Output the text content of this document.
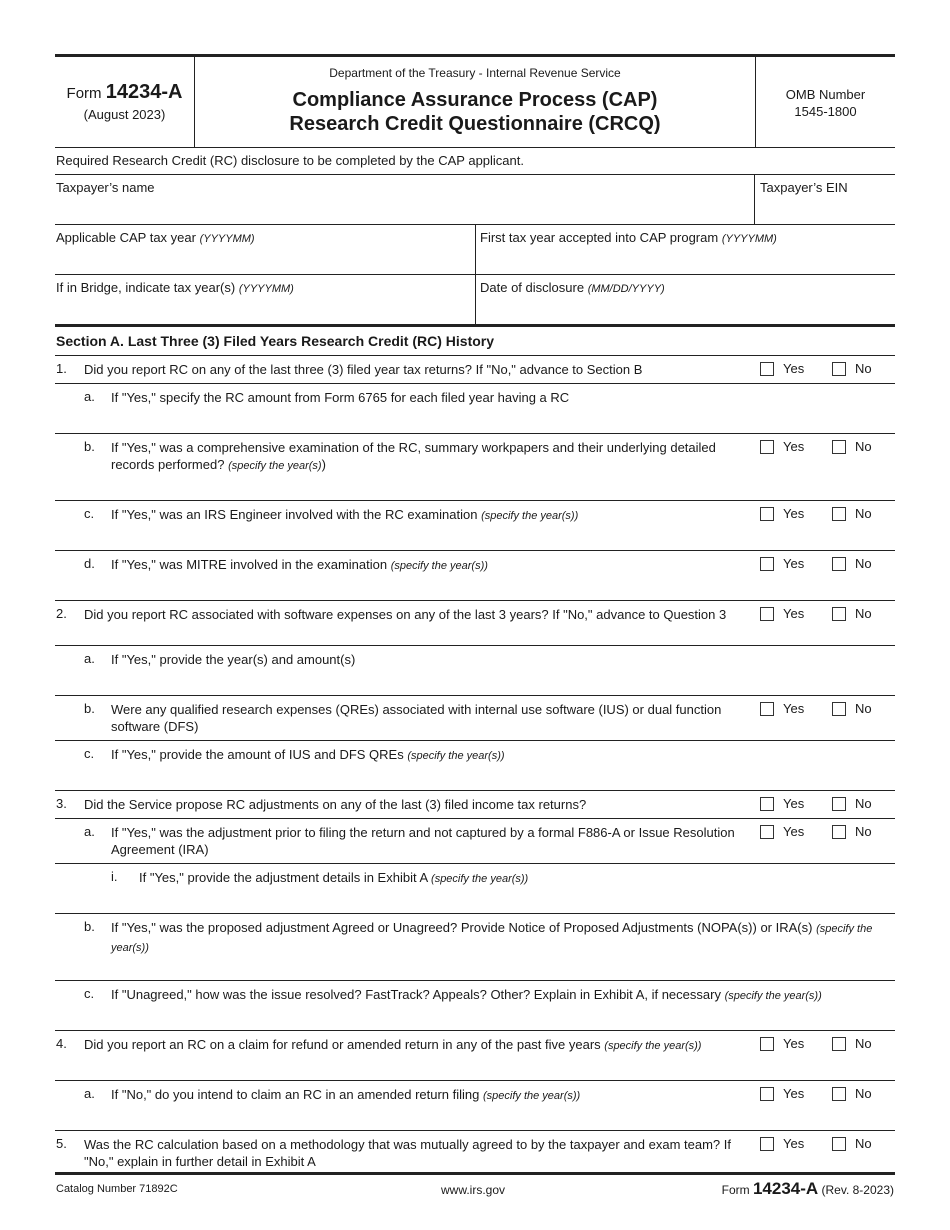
Form 14234-A
(August 2023)
Department of the Treasury - Internal Revenue Service
Compliance Assurance Process (CAP)
Research Credit Questionnaire (CRCQ)
OMB Number
1545-1800
Required Research Credit (RC) disclosure to be completed by the CAP applicant.
Taxpayer’s name	Taxpayer’s EIN
Applicable CAP tax year (YYYYMM)	First tax year accepted into CAP program (YYYYMM)
If in Bridge, indicate tax year(s) (YYYYMM)	Date of disclosure (MM/DD/YYYY)
Section A. Last Three (3) Filed Years Research Credit (RC) History
1. Did you report RC on any of the last three (3) filed year tax returns? If "No," advance to Section B	Yes	No
a. If "Yes," specify the RC amount from Form 6765 for each filed year having a RC
b. If "Yes," was a comprehensive examination of the RC, summary workpapers and their underlying detailed records performed? (specify the year(s))
Yes	No
c. If "Yes," was an IRS Engineer involved with the RC examination (specify the year(s))	Yes	No
d. If "Yes," was MITRE involved in the examination (specify the year(s))	Yes	No
2. Did you report RC associated with software expenses on any of the last 3 years? If "No," advance to Question 3	Yes	No
a. If "Yes," provide the year(s) and amount(s)
b. Were any qualified research expenses (QREs) associated with internal use software (IUS) or dual function software (DFS)
Yes	No
c. If "Yes," provide the amount of IUS and DFS QREs (specify the year(s))
3. Did the Service propose RC adjustments on any of the last (3) filed income tax returns?	Yes	No
a. If "Yes," was the adjustment prior to filing the return and not captured by a formal F886-A or Issue Resolution Agreement (IRA)
Yes	No
i. If "Yes," provide the adjustment details in Exhibit A (specify the year(s))
b. If "Yes," was the proposed adjustment Agreed or Unagreed? Provide Notice of Proposed Adjustments (NOPA(s)) or IRA(s) (specify the year(s))
c. If "Unagreed," how was the issue resolved? FastTrack? Appeals? Other? Explain in Exhibit A, if necessary (specify the year(s))
4. Did you report an RC on a claim for refund or amended return in any of the past five years (specify the year(s))	Yes	No
a. If "No," do you intend to claim an RC in an amended return filing (specify the year(s))	Yes	No
5. Was the RC calculation based on a methodology that was mutually agreed to by the taxpayer and exam team? If "No," explain in further detail in Exhibit A
Yes	No
Catalog Number 71892C	www.irs.gov	Form 14234-A (Rev. 8-2023)
